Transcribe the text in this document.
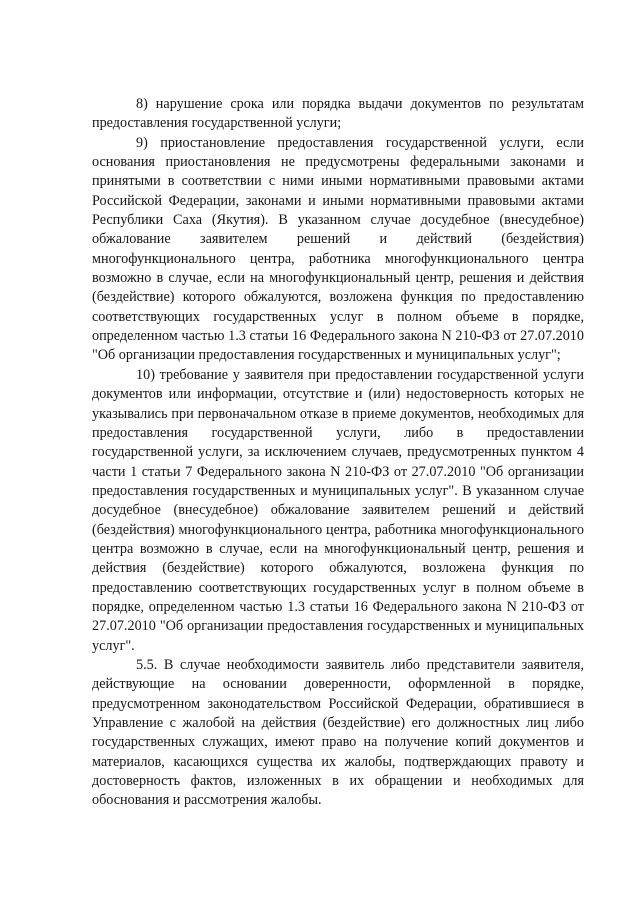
8) нарушение срока или порядка выдачи документов по результатам предоставления государственной услуги;

9) приостановление предоставления государственной услуги, если основания приостановления не предусмотрены федеральными законами и принятыми в соответствии с ними иными нормативными правовыми актами Российской Федерации, законами и иными нормативными правовыми актами Республики Саха (Якутия). В указанном случае досудебное (внесудебное) обжалование заявителем решений и действий (бездействия) многофункционального центра, работника многофункционального центра возможно в случае, если на многофункциональный центр, решения и действия (бездействие) которого обжалуются, возложена функция по предоставлению соответствующих государственных услуг в полном объеме в порядке, определенном частью 1.3 статьи 16 Федерального закона N 210-ФЗ от 27.07.2010 "Об организации предоставления государственных и муниципальных услуг";

10) требование у заявителя при предоставлении государственной услуги документов или информации, отсутствие и (или) недостоверность которых не указывались при первоначальном отказе в приеме документов, необходимых для предоставления государственной услуги, либо в предоставлении государственной услуги, за исключением случаев, предусмотренных пунктом 4 части 1 статьи 7 Федерального закона N 210-ФЗ от 27.07.2010 "Об организации предоставления государственных и муниципальных услуг". В указанном случае досудебное (внесудебное) обжалование заявителем решений и действий (бездействия) многофункционального центра, работника многофункционального центра возможно в случае, если на многофункциональный центр, решения и действия (бездействие) которого обжалуются, возложена функция по предоставлению соответствующих государственных услуг в полном объеме в порядке, определенном частью 1.3 статьи 16 Федерального закона N 210-ФЗ от 27.07.2010 "Об организации предоставления государственных и муниципальных услуг".

5.5. В случае необходимости заявитель либо представители заявителя, действующие на основании доверенности, оформленной в порядке, предусмотренном законодательством Российской Федерации, обратившиеся в Управление с жалобой на действия (бездействие) его должностных лиц либо государственных служащих, имеют право на получение копий документов и материалов, касающихся существа их жалобы, подтверждающих правоту и достоверность фактов, изложенных в их обращении и необходимых для обоснования и рассмотрения жалобы.
